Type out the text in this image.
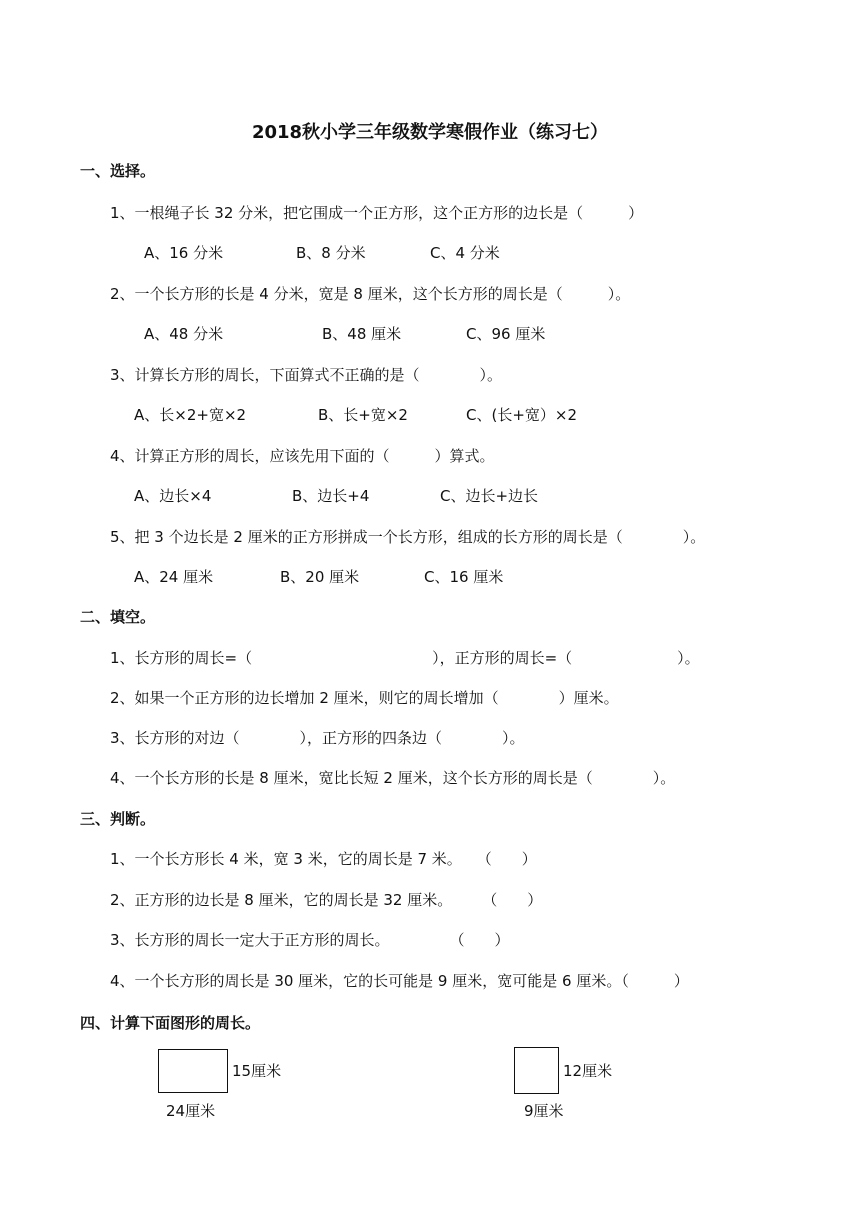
2018秋小学三年级数学寒假作业（练习七）
一、选择。
1、一根绳子长 32 分米，把它围成一个正方形，这个正方形的边长是（　　　）
A、16 分米	B、8 分米	C、4 分米
2、一个长方形的长是 4 分米，宽是 8 厘米，这个长方形的周长是（　　　）。
A、48 分米	B、48 厘米	C、96 厘米
3、计算长方形的周长，下面算式不正确的是（　　　　）。
A、长×2+宽×2	B、长+宽×2	C、(长+宽）×2
4、计算正方形的周长，应该先用下面的（　　　）算式。
A、边长×4	B、边长+4	C、边长+边长
5、把 3 个边长是 2 厘米的正方形拼成一个长方形，组成的长方形的周长是（　　　　）。
A、24 厘米	B、20 厘米	C、16 厘米
二、填空。
1、长方形的周长=（　　　　　　　　　　　　），正方形的周长=（　　　　　　　）。
2、如果一个正方形的边长增加 2 厘米，则它的周长增加（　　　　）厘米。
3、长方形的对边（　　　　），正方形的四条边（　　　　）。
4、一个长方形的长是 8 厘米，宽比长短 2 厘米，这个长方形的周长是（　　　　）。
三、判断。
1、一个长方形长 4 米，宽 3 米，它的周长是 7 米。　　（　　）
2、正方形的边长是 8 厘米，它的周长是 32 厘米。　　　（　　）
3、长方形的周长一定大于正方形的周长。　　　　　（　　）
4、一个长方形的周长是 30 厘米，它的长可能是 9 厘米，宽可能是 6 厘米。（　　　）
四、计算下面图形的周长。
15厘米
24厘米
12厘米
9厘米
